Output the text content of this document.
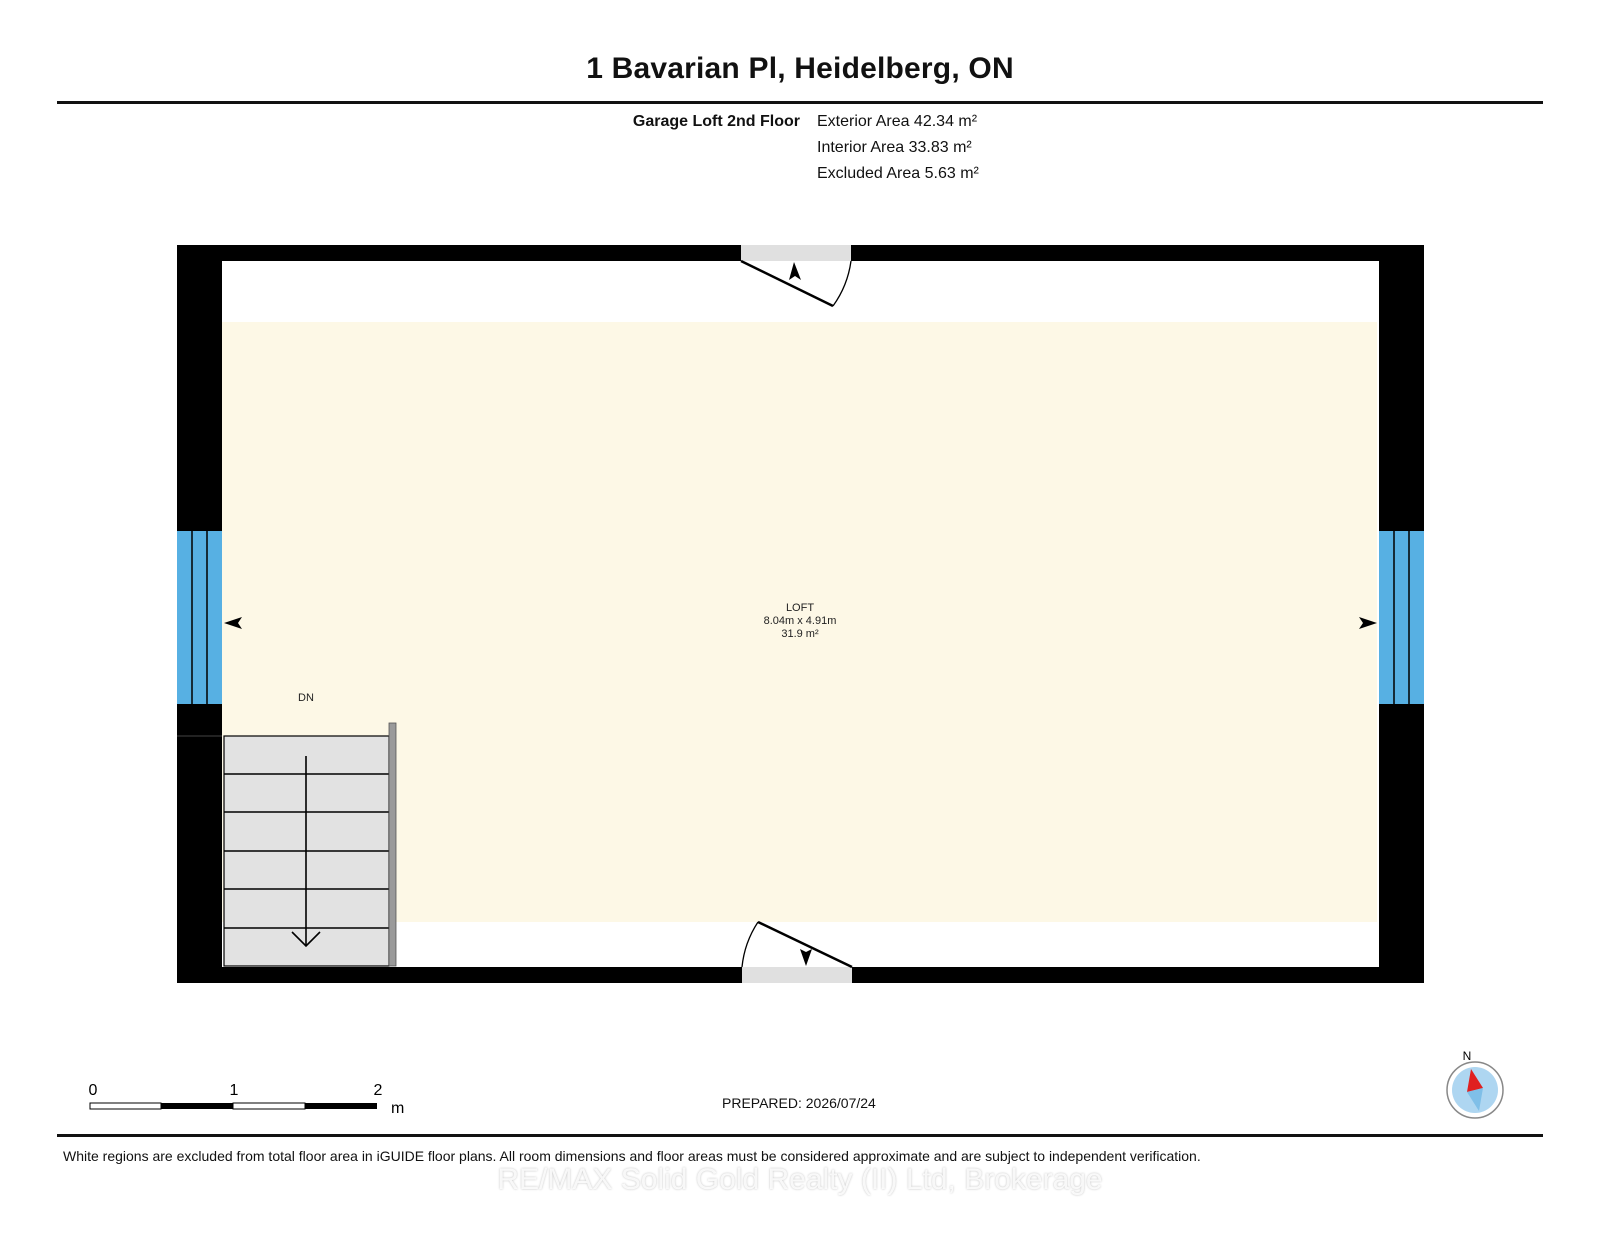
1 Bavarian Pl, Heidelberg, ON
Garage Loft 2nd Floor Exterior Area 42.34 m²
Interior Area 33.83 m²
Excluded Area 5.63 m²
DN
LOFT
8.04m x 4.91m
31.9 m²
0	1	2
m
N
PREPARED: 2026/07/24
White regions are excluded from total floor area in iGUIDE floor plans. All room dimensions and floor areas must be considered approximate and are subject to independent verification.
RE/MAX Solid Gold Realty (II) Ltd, Brokerage
